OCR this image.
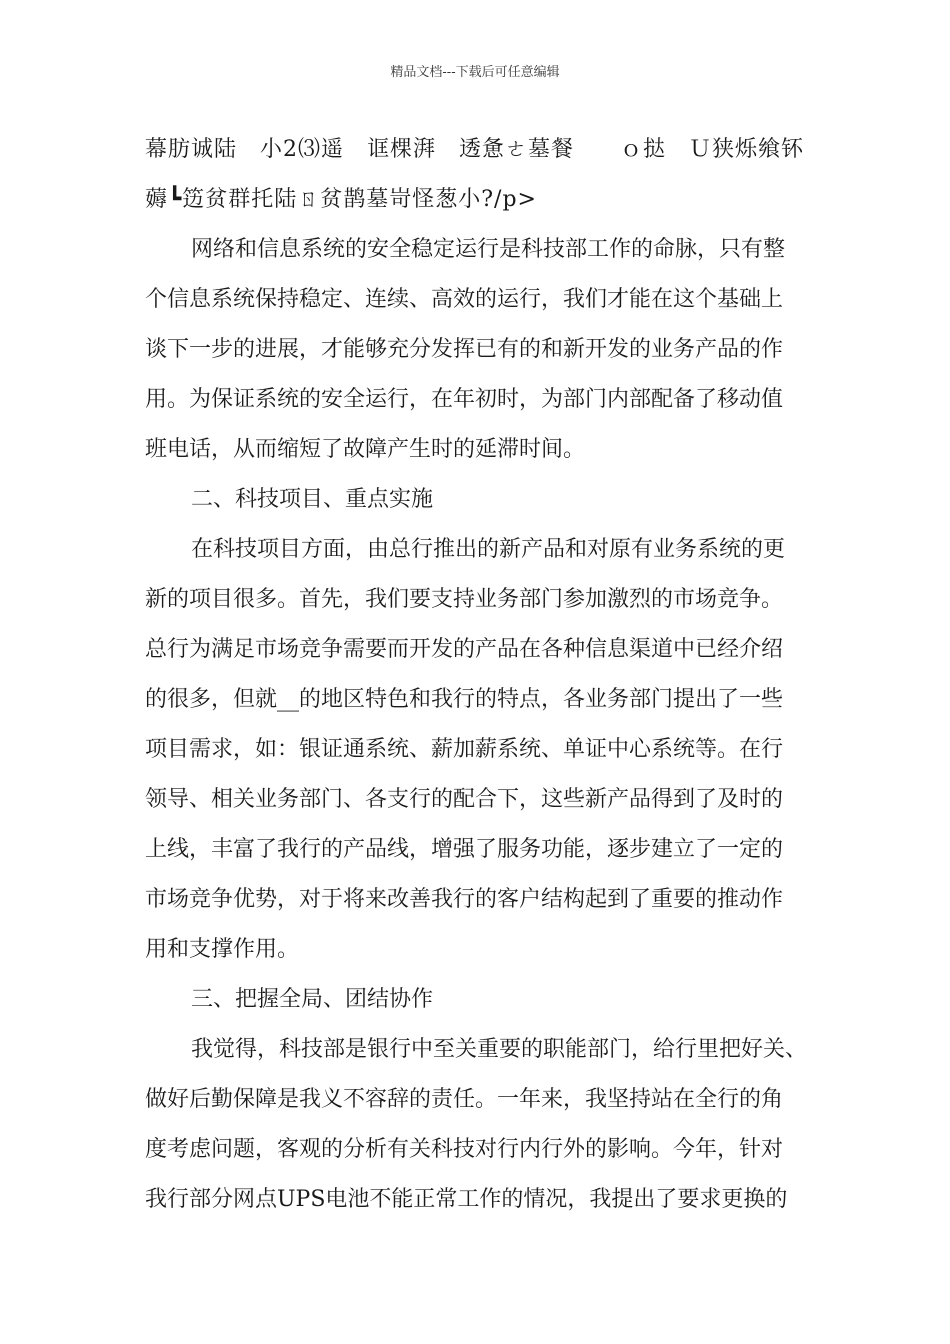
精品文档---下载后可任意编辑
幕肪诚陆　小2⑶遥　诓棵湃　透惫ㄜ墓餐　　ｏ挞　Ｕ狭烁飨钚
薅┗笾贫群托陆ㄖ贫鹊墓岢怪葱小?/p>
网络和信息系统的安全稳定运行是科技部工作的命脉，只有整
个信息系统保持稳定、连续、高效的运行，我们才能在这个基础上
谈下一步的进展，才能够充分发挥已有的和新开发的业务产品的作
用。为保证系统的安全运行，在年初时，为部门内部配备了移动值
班电话，从而缩短了故障产生时的延滞时间。
二、科技项目、重点实施
在科技项目方面，由总行推出的新产品和对原有业务系统的更
新的项目很多。首先，我们要支持业务部门参加激烈的市场竞争。
总行为满足市场竞争需要而开发的产品在各种信息渠道中已经介绍
的很多，但就__的地区特色和我行的特点，各业务部门提出了一些
项目需求，如：银证通系统、薪加薪系统、单证中心系统等。在行
领导、相关业务部门、各支行的配合下，这些新产品得到了及时的
上线，丰富了我行的产品线，增强了服务功能，逐步建立了一定的
市场竞争优势，对于将来改善我行的客户结构起到了重要的推动作
用和支撑作用。
三、把握全局、团结协作
我觉得，科技部是银行中至关重要的职能部门，给行里把好关、
做好后勤保障是我义不容辞的责任。一年来，我坚持站在全行的角
度考虑问题，客观的分析有关科技对行内行外的影响。今年，针对
我行部分网点UPS电池不能正常工作的情况，我提出了要求更换的
